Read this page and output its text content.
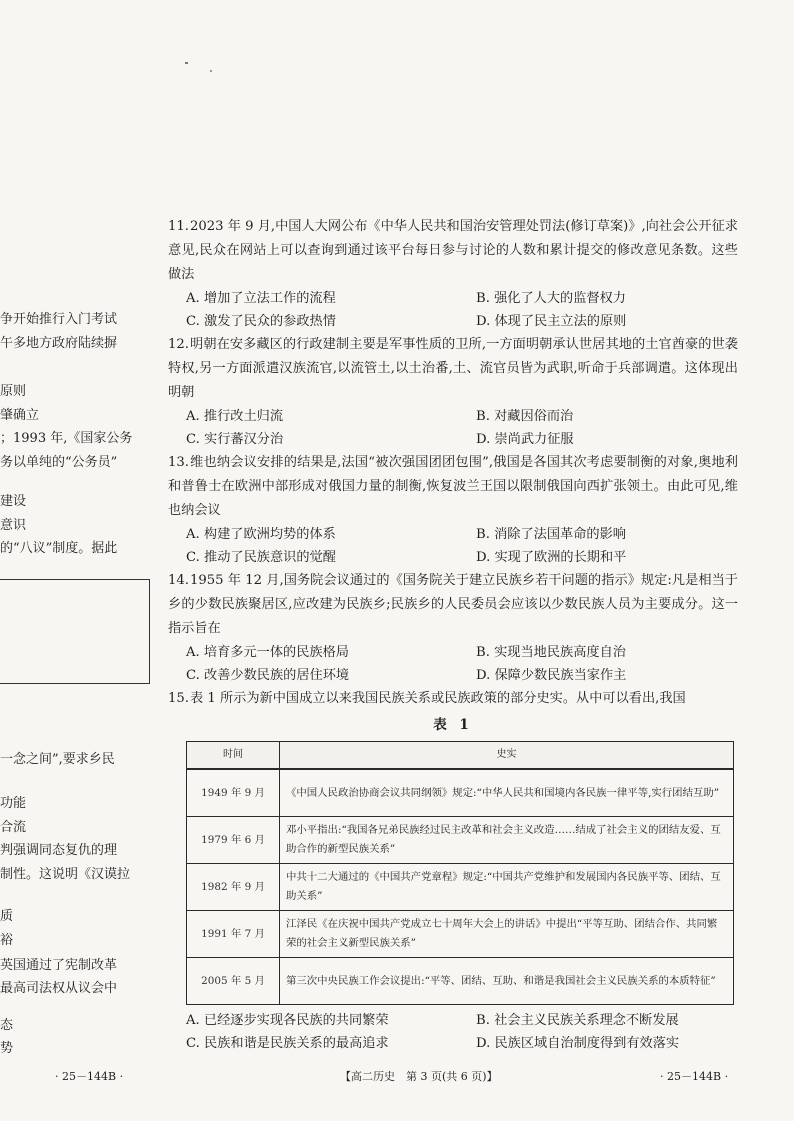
争开始推行入门考试
午多地方政府陆续摒
原则
肇确立
；1993 年,《国家公务
务以单纯的“公务员”
建设
意识
的“八议”制度。据此
一念之间”,要求乡民
功能
合流
判强调同态复仇的理
制性。这说明《汉谟拉
质
裕
英国通过了宪制改革
最高司法权从议会中
态
势
11.2023 年 9 月,中国人大网公布《中华人民共和国治安管理处罚法(修订草案)》,向社会公开征求意见,民众在网站上可以查询到通过该平台每日参与讨论的人数和累计提交的修改意见条数。这些做法
A. 增加了立法工作的流程	B. 强化了人大的监督权力
C. 激发了民众的参政热情	D. 体现了民主立法的原则
12.明朝在安多藏区的行政建制主要是军事性质的卫所,一方面明朝承认世居其地的土官酋豪的世袭特权,另一方面派遣汉族流官,以流管土,以土治番,土、流官员皆为武职,听命于兵部调遣。这体现出明朝
A. 推行改土归流	B. 对藏因俗而治
C. 实行蕃汉分治	D. 崇尚武力征服
13.维也纳会议安排的结果是,法国“被次强国团团包围”,俄国是各国其次考虑要制衡的对象,奥地利和普鲁士在欧洲中部形成对俄国力量的制衡,恢复波兰王国以限制俄国向西扩张领土。由此可见,维也纳会议
A. 构建了欧洲均势的体系	B. 消除了法国革命的影响
C. 推动了民族意识的觉醒	D. 实现了欧洲的长期和平
14.1955 年 12 月,国务院会议通过的《国务院关于建立民族乡若干问题的指示》规定:凡是相当于乡的少数民族聚居区,应改建为民族乡;民族乡的人民委员会应该以少数民族人员为主要成分。这一指示旨在
A. 培育多元一体的民族格局	B. 实现当地民族高度自治
C. 改善少数民族的居住环境	D. 保障少数民族当家作主
15.表 1 所示为新中国成立以来我国民族关系或民族政策的部分史实。从中可以看出,我国
表 1
时间	史实
1949 年 9 月	《中国人民政治协商会议共同纲领》规定:“中华人民共和国境内各民族一律平等,实行团结互助”
1979 年 6 月	邓小平指出:“我国各兄弟民族经过民主改革和社会主义改造……结成了社会主义的团结友爱、互助合作的新型民族关系”
1982 年 9 月	中共十二大通过的《中国共产党章程》规定:“中国共产党维护和发展国内各民族平等、团结、互助关系”
1991 年 7 月	江泽民《在庆祝中国共产党成立七十周年大会上的讲话》中提出“平等互助、团结合作、共同繁荣的社会主义新型民族关系”
2005 年 5 月	第三次中央民族工作会议提出:“平等、团结、互助、和谐是我国社会主义民族关系的本质特征”
A. 已经逐步实现各民族的共同繁荣	B. 社会主义民族关系理念不断发展
C. 民族和谐是民族关系的最高追求	D. 民族区域自治制度得到有效落实
· 25－144B ·	【高二历史　第 3 页(共 6 页)】	· 25－144B ·
